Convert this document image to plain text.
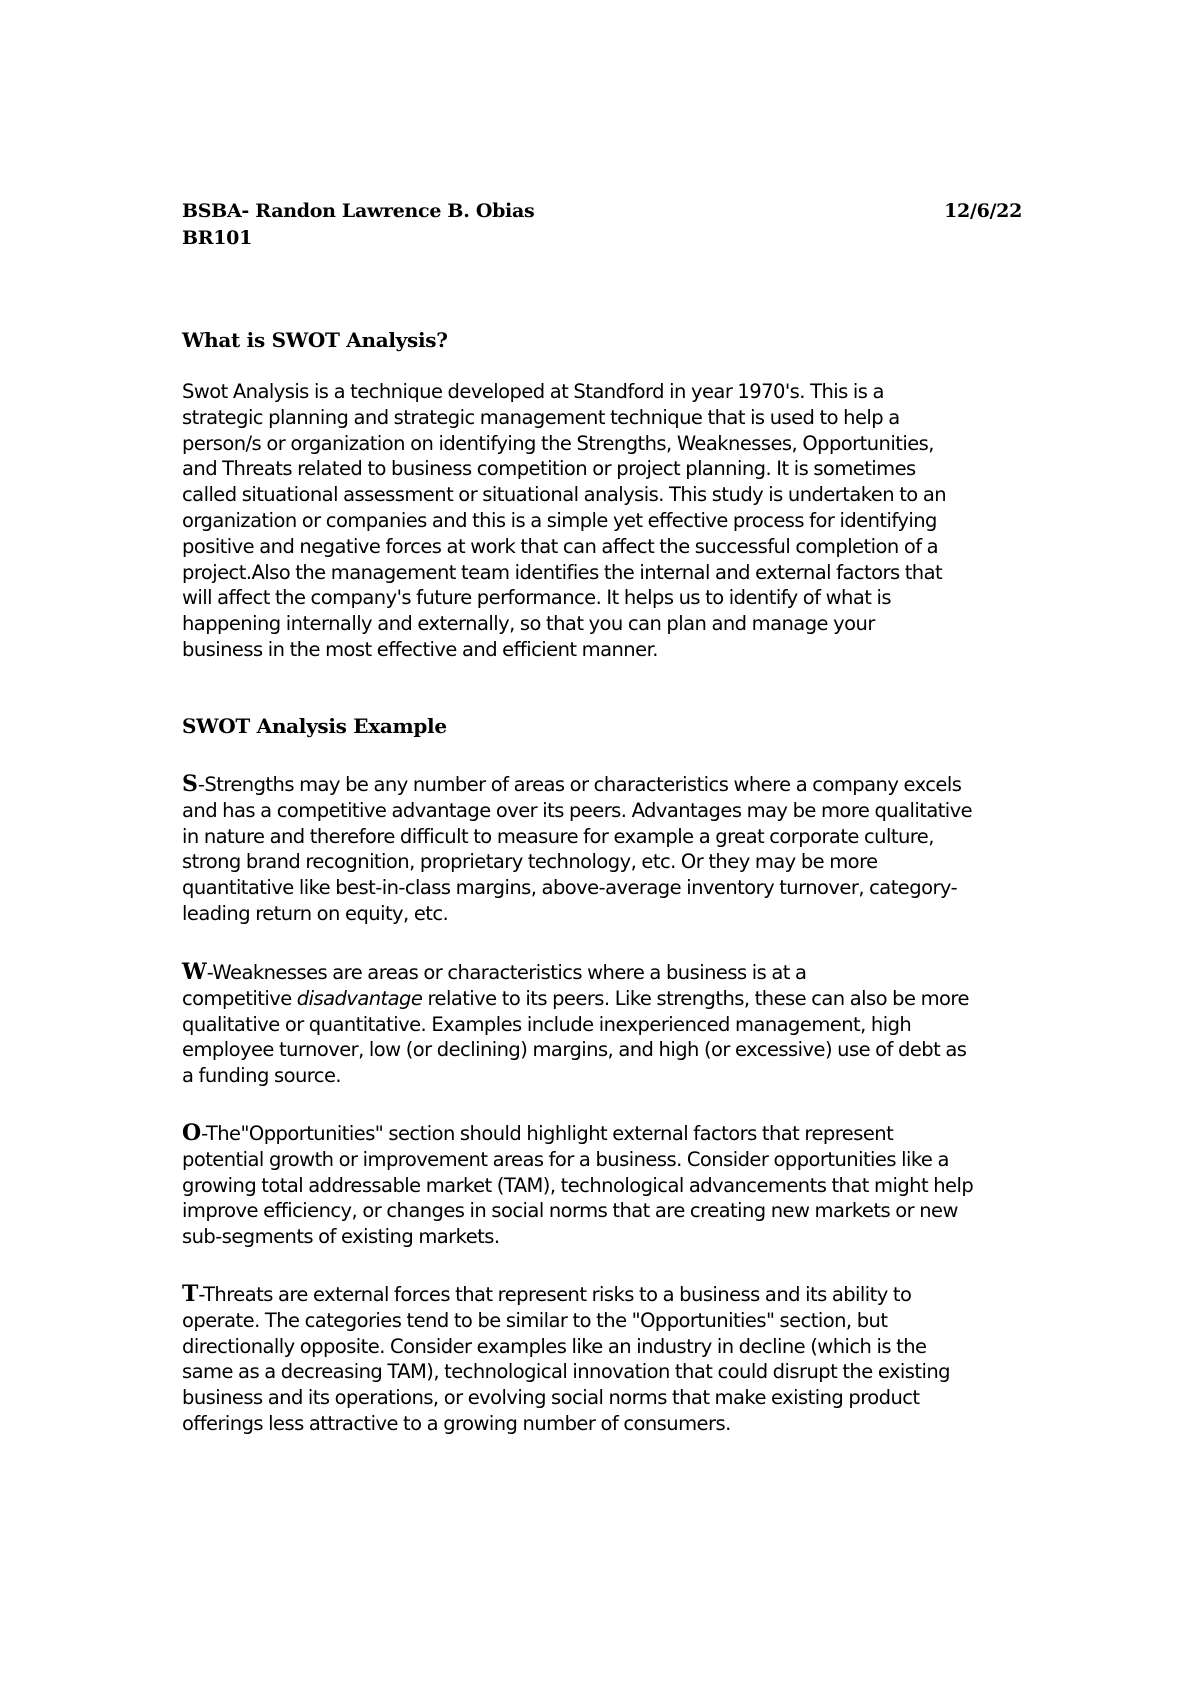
BSBA- Randon Lawrence B. Obias	12/6/22
BR101
What is SWOT Analysis?
Swot Analysis is a technique developed at Standford in year 1970's. This is a
strategic planning and strategic management technique that is used to help a
person/s or organization on identifying the Strengths, Weaknesses, Opportunities,
and Threats related to business competition or project planning. It is sometimes
called situational assessment or situational analysis. This study is undertaken to an
organization or companies and this is a simple yet effective process for identifying
positive and negative forces at work that can affect the successful completion of a
project.Also the management team identifies the internal and external factors that
will affect the company's future performance. It helps us to identify of what is
happening internally and externally, so that you can plan and manage your
business in the most effective and efficient manner.
SWOT Analysis Example
S-Strengths may be any number of areas or characteristics where a company excels
and has a competitive advantage over its peers. Advantages may be more qualitative
in nature and therefore difficult to measure for example a great corporate culture,
strong brand recognition, proprietary technology, etc. Or they may be more
quantitative like best-in-class margins, above-average inventory turnover, category-
leading return on equity, etc.
W-Weaknesses are areas or characteristics where a business is at a
competitive disadvantage relative to its peers. Like strengths, these can also be more
qualitative or quantitative. Examples include inexperienced management, high
employee turnover, low (or declining) margins, and high (or excessive) use of debt as
a funding source.
O-The"Opportunities" section should highlight external factors that represent
potential growth or improvement areas for a business. Consider opportunities like a
growing total addressable market (TAM), technological advancements that might help
improve efficiency, or changes in social norms that are creating new markets or new
sub-segments of existing markets.
T-Threats are external forces that represent risks to a business and its ability to
operate. The categories tend to be similar to the "Opportunities" section, but
directionally opposite. Consider examples like an industry in decline (which is the
same as a decreasing TAM), technological innovation that could disrupt the existing
business and its operations, or evolving social norms that make existing product
offerings less attractive to a growing number of consumers.
